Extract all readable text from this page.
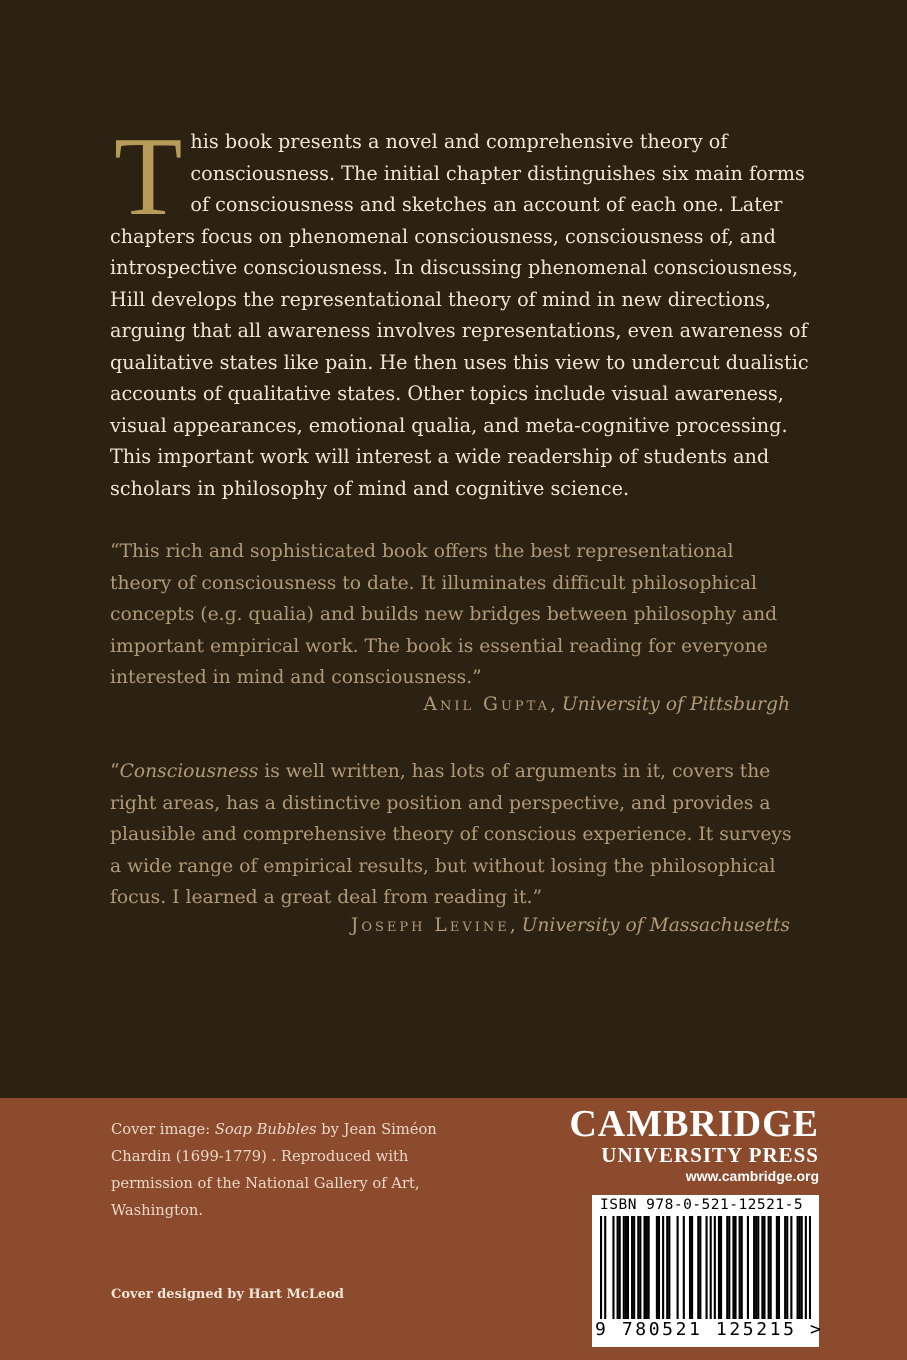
This book presents a novel and comprehensive theory of consciousness. The initial chapter distinguishes six main forms of consciousness and sketches an account of each one. Later chapters focus on phenomenal consciousness, consciousness of, and introspective consciousness. In discussing phenomenal consciousness, Hill develops the representational theory of mind in new directions, arguing that all awareness involves representations, even awareness of qualitative states like pain. He then uses this view to undercut dualistic accounts of qualitative states. Other topics include visual awareness, visual appearances, emotional qualia, and meta-cognitive processing. This important work will interest a wide readership of students and scholars in philosophy of mind and cognitive science.
“This rich and sophisticated book offers the best representational theory of consciousness to date. It illuminates difficult philosophical concepts (e.g. qualia) and builds new bridges between philosophy and important empirical work. The book is essential reading for everyone interested in mind and consciousness.”
Anil Gupta, University of Pittsburgh
“Consciousness is well written, has lots of arguments in it, covers the right areas, has a distinctive position and perspective, and provides a plausible and comprehensive theory of conscious experience. It surveys a wide range of empirical results, but without losing the philosophical focus. I learned a great deal from reading it.”
Joseph Levine, University of Massachusetts
Cover image: Soap Bubbles by Jean Siméon Chardin (1699-1779) . Reproduced with permission of the National Gallery of Art, Washington.
Cover designed by Hart McLeod
CAMBRIDGE
UNIVERSITY PRESS
www.cambridge.org
ISBN 978-0-521-12521-5
9 780521 125215 >
